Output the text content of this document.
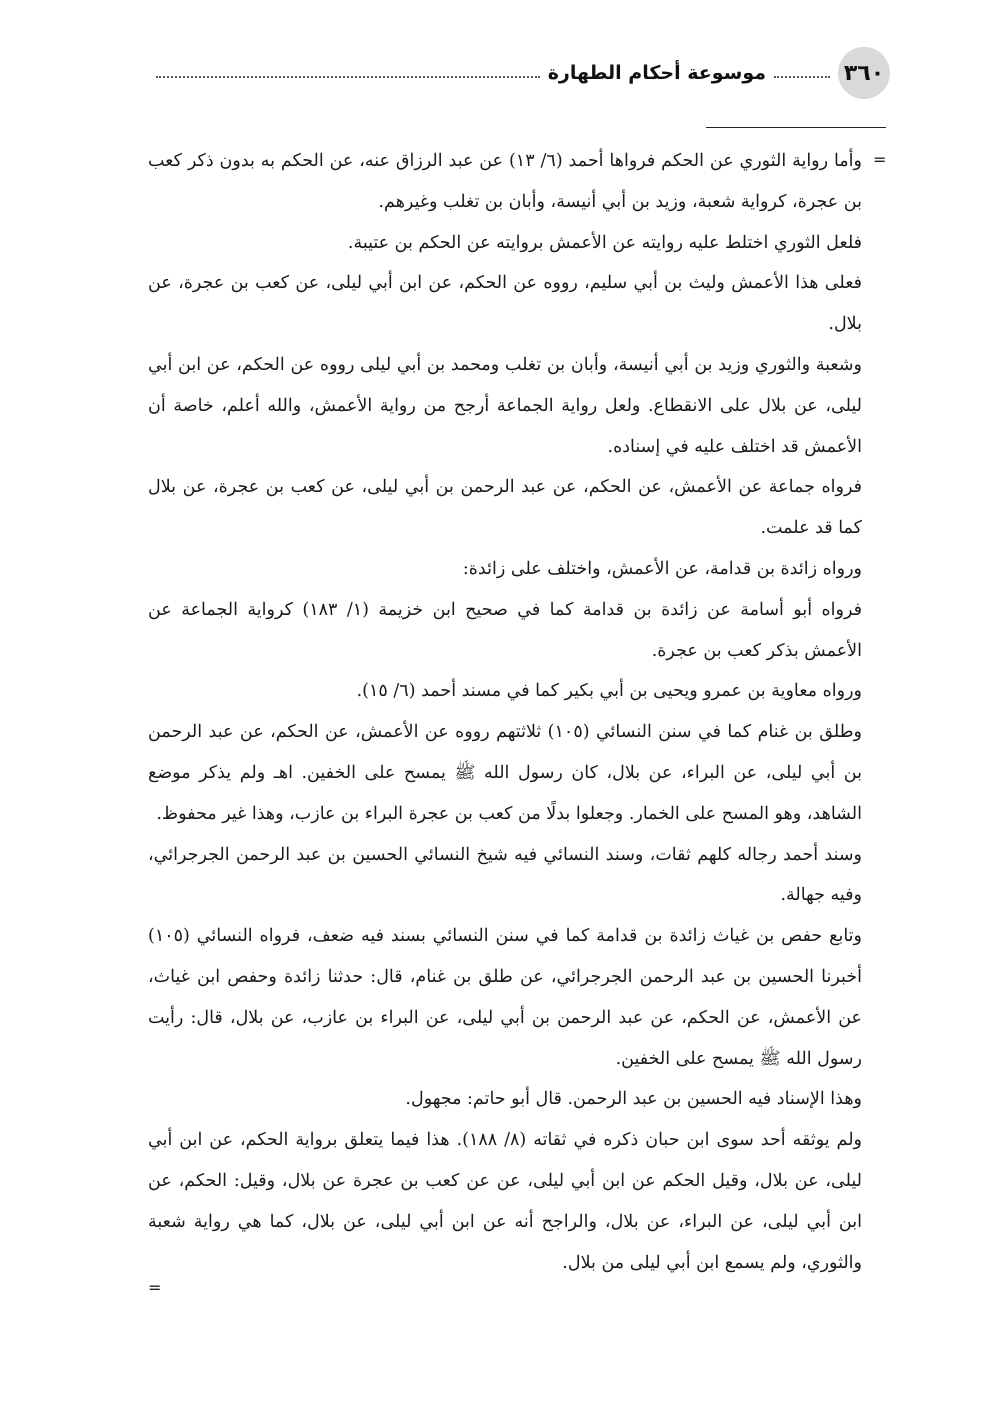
٣٦٠
موسوعة أحكام الطهارة
=

وأما رواية الثوري عن الحكم فرواها أحمد (٦/ ١٣) عن عبد الرزاق عنه، عن الحكم به بدون ذكر كعب بن عجرة، كرواية شعبة، وزيد بن أبي أنيسة، وأبان بن تغلب وغيرهم.

فلعل الثوري اختلط عليه روايته عن الأعمش بروايته عن الحكم بن عتيبة.

فعلى هذا الأعمش وليث بن أبي سليم، رووه عن الحكم، عن ابن أبي ليلى، عن كعب بن عجرة، عن بلال.

وشعبة والثوري وزيد بن أبي أنيسة، وأبان بن تغلب ومحمد بن أبي ليلى رووه عن الحكم، عن ابن أبي ليلى، عن بلال على الانقطاع. ولعل رواية الجماعة أرجح من رواية الأعمش، والله أعلم، خاصة أن الأعمش قد اختلف عليه في إسناده.

فرواه جماعة عن الأعمش، عن الحكم، عن عبد الرحمن بن أبي ليلى، عن كعب بن عجرة، عن بلال كما قد علمت.

ورواه زائدة بن قدامة، عن الأعمش، واختلف على زائدة:

فرواه أبو أسامة عن زائدة بن قدامة كما في صحيح ابن خزيمة (١/ ١٨٣) كرواية الجماعة عن الأعمش بذكر كعب بن عجرة.

ورواه معاوية بن عمرو ويحيى بن أبي بكير كما في مسند أحمد (٦/ ١٥).

وطلق بن غنام كما في سنن النسائي (١٠٥) ثلاثتهم رووه عن الأعمش، عن الحكم، عن عبد الرحمن بن أبي ليلى، عن البراء، عن بلال، كان رسول الله ﷺ يمسح على الخفين. اهـ ولم يذكر موضع الشاهد، وهو المسح على الخمار. وجعلوا بدلًا من كعب بن عجرة البراء بن عازب، وهذا غير محفوظ.

وسند أحمد رجاله كلهم ثقات، وسند النسائي فيه شيخ النسائي الحسين بن عبد الرحمن الجرجرائي، وفيه جهالة.

وتابع حفص بن غياث زائدة بن قدامة كما في سنن النسائي بسند فيه ضعف، فرواه النسائي (١٠٥) أخبرنا الحسين بن عبد الرحمن الجرجرائي، عن طلق بن غنام، قال: حدثنا زائدة وحفص ابن غياث، عن الأعمش، عن الحكم، عن عبد الرحمن بن أبي ليلى، عن البراء بن عازب، عن بلال، قال: رأيت رسول الله ﷺ يمسح على الخفين.

وهذا الإسناد فيه الحسين بن عبد الرحمن. قال أبو حاتم: مجهول.

ولم يوثقه أحد سوى ابن حبان ذكره في ثقاته (٨/ ١٨٨). هذا فيما يتعلق برواية الحكم، عن ابن أبي ليلى، عن بلال، وقيل الحكم عن ابن أبي ليلى، عن عن كعب بن عجرة عن بلال، وقيل: الحكم، عن ابن أبي ليلى، عن البراء، عن بلال، والراجح أنه عن ابن أبي ليلى، عن بلال، كما هي رواية شعبة والثوري، ولم يسمع ابن أبي ليلى من بلال.

=
